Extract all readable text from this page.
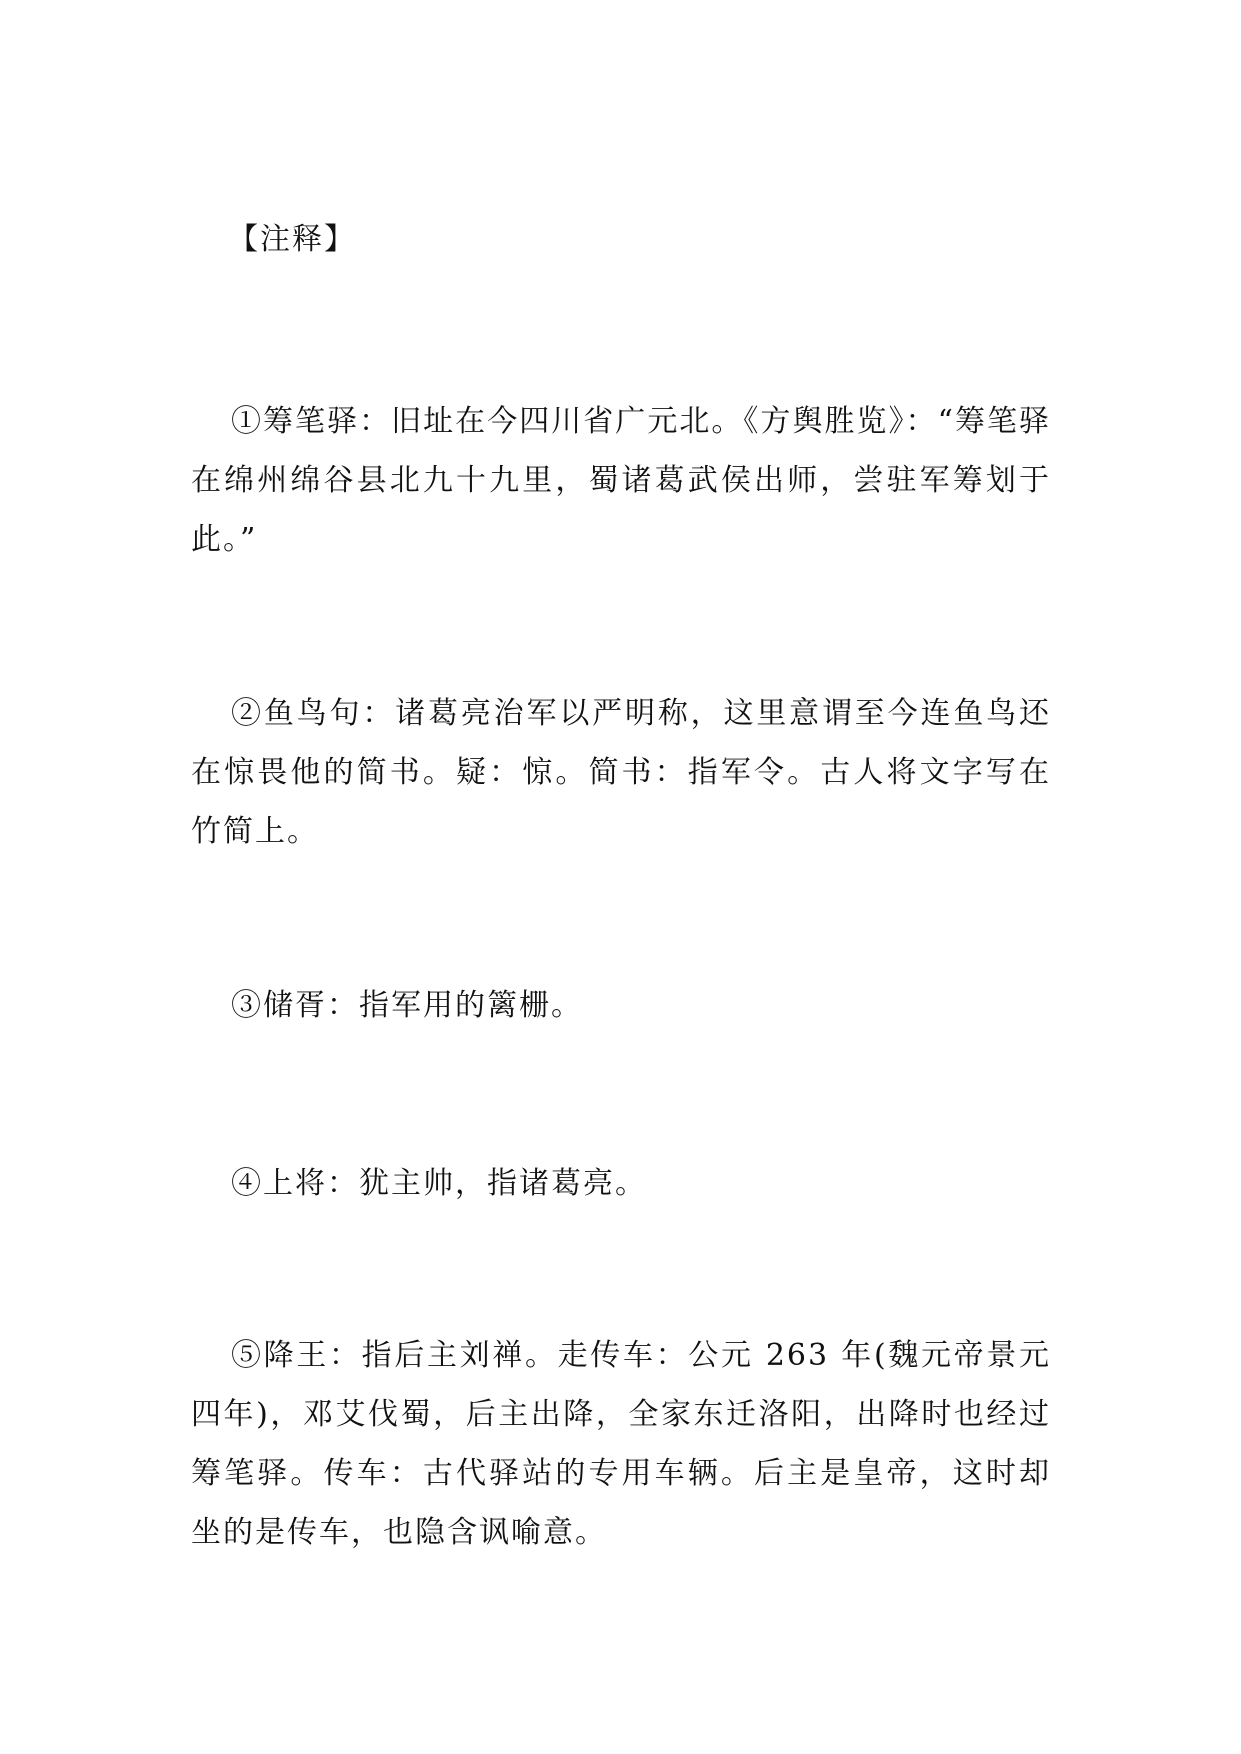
【注释】

①筹笔驿：旧址在今四川省广元北。《方舆胜览》：“筹笔驿在绵州绵谷县北九十九里，蜀诸葛武侯出师，尝驻军筹划于此。”

②鱼鸟句：诸葛亮治军以严明称，这里意谓至今连鱼鸟还在惊畏他的简书。疑：惊。简书：指军令。古人将文字写在竹简上。

③储胥：指军用的篱栅。

④上将：犹主帅，指诸葛亮。

⑤降王：指后主刘禅。走传车：公元 263 年(魏元帝景元四年)，邓艾伐蜀，后主出降，全家东迁洛阳，出降时也经过筹笔驿。传车：古代驿站的专用车辆。后主是皇帝，这时却坐的是传车，也隐含讽喻意。
